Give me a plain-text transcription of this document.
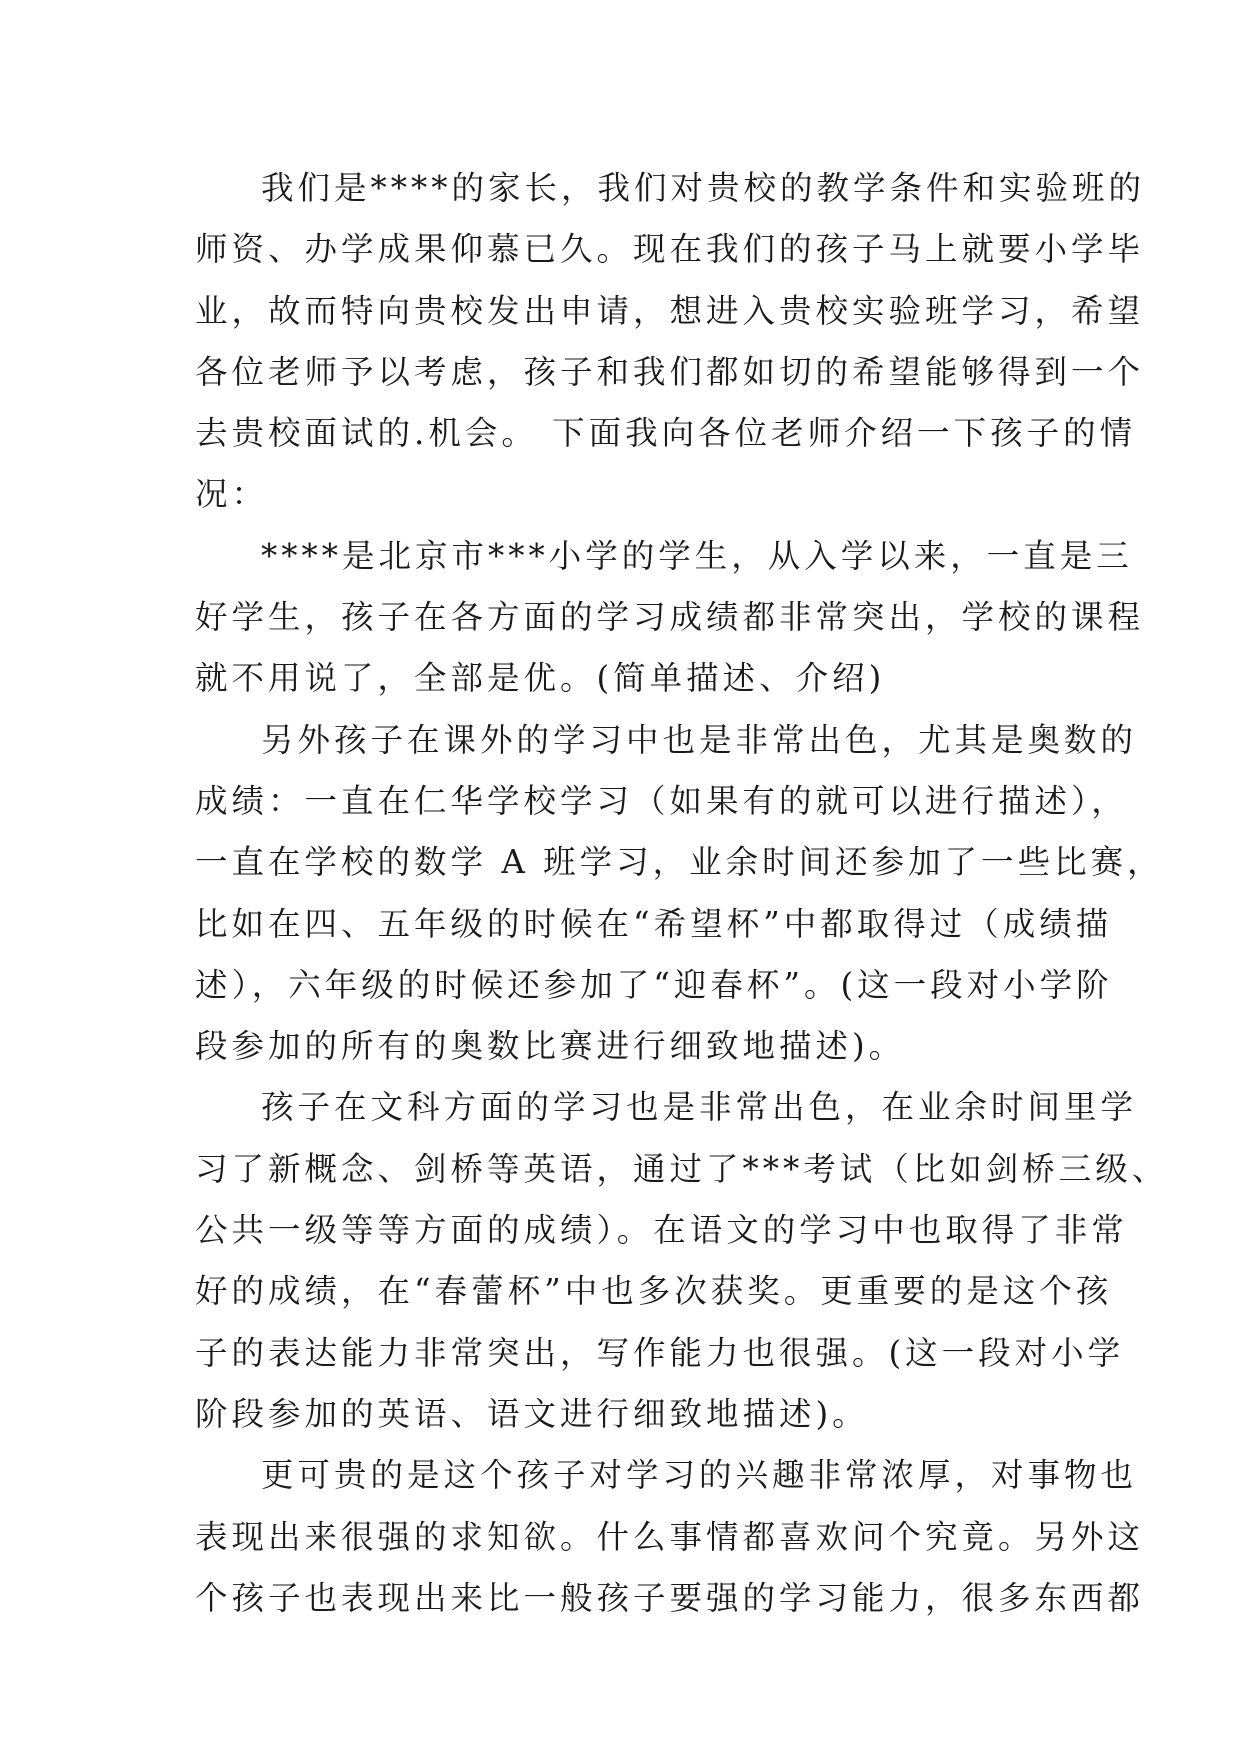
我们是****的家长，我们对贵校的教学条件和实验班的
师资、办学成果仰慕已久。现在我们的孩子马上就要小学毕
业，故而特向贵校发出申请，想进入贵校实验班学习，希望
各位老师予以考虑，孩子和我们都如切的希望能够得到一个
去贵校面试的.机会。 下面我向各位老师介绍一下孩子的情
况：
****是北京市***小学的学生，从入学以来，一直是三
好学生，孩子在各方面的学习成绩都非常突出，学校的课程
就不用说了，全部是优。(简单描述、介绍)
另外孩子在课外的学习中也是非常出色，尤其是奥数的
成绩：一直在仁华学校学习（如果有的就可以进行描述），
一直在学校的数学 A 班学习，业余时间还参加了一些比赛，
比如在四、五年级的时候在“希望杯”中都取得过（成绩描
述），六年级的时候还参加了“迎春杯”。(这一段对小学阶
段参加的所有的奥数比赛进行细致地描述)。
孩子在文科方面的学习也是非常出色，在业余时间里学
习了新概念、剑桥等英语，通过了***考试（比如剑桥三级、
公共一级等等方面的成绩）。在语文的学习中也取得了非常
好的成绩，在“春蕾杯”中也多次获奖。更重要的是这个孩
子的表达能力非常突出，写作能力也很强。(这一段对小学
阶段参加的英语、语文进行细致地描述)。
更可贵的是这个孩子对学习的兴趣非常浓厚，对事物也
表现出来很强的求知欲。什么事情都喜欢问个究竟。另外这
个孩子也表现出来比一般孩子要强的学习能力，很多东西都
